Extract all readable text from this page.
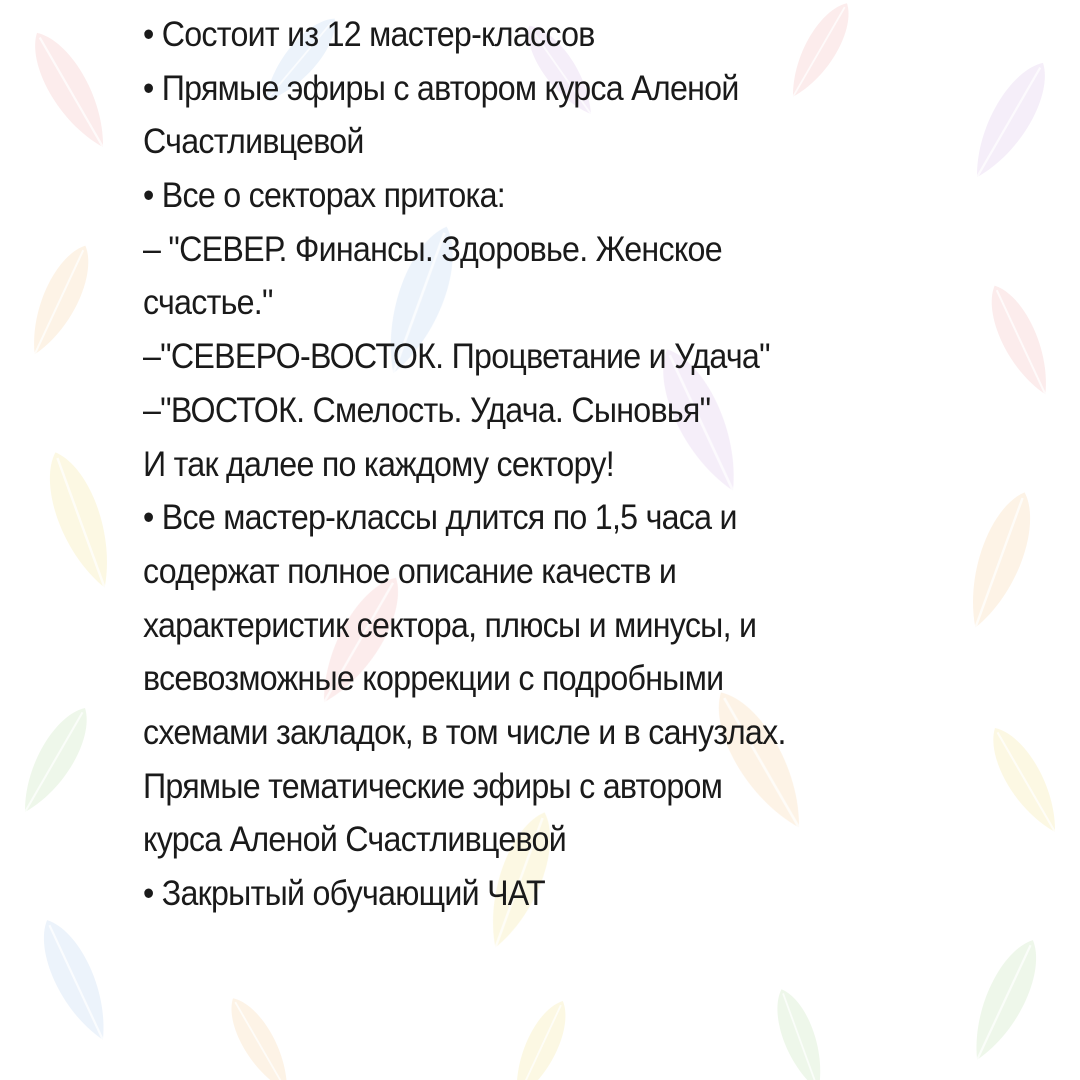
• Состоит из 12 мастер-классов
• Прямые эфиры с автором курса Аленой
Счастливцевой
• Все о секторах притока:
– "СЕВЕР. Финансы. Здоровье. Женское
счастье."
–"СЕВЕРО-ВОСТОК. Процветание и Удача"
–"ВОСТОК. Смелость. Удача. Сыновья"
И так далее по каждому сектору!
• Все мастер-классы длится по 1,5 часа и
содержат полное описание качеств и
характеристик сектора, плюсы и минусы, и
всевозможные коррекции с подробными
схемами закладок, в том числе и в санузлах.
Прямые тематические эфиры с автором
курса Аленой Счастливцевой
• Закрытый обучающий ЧАТ
